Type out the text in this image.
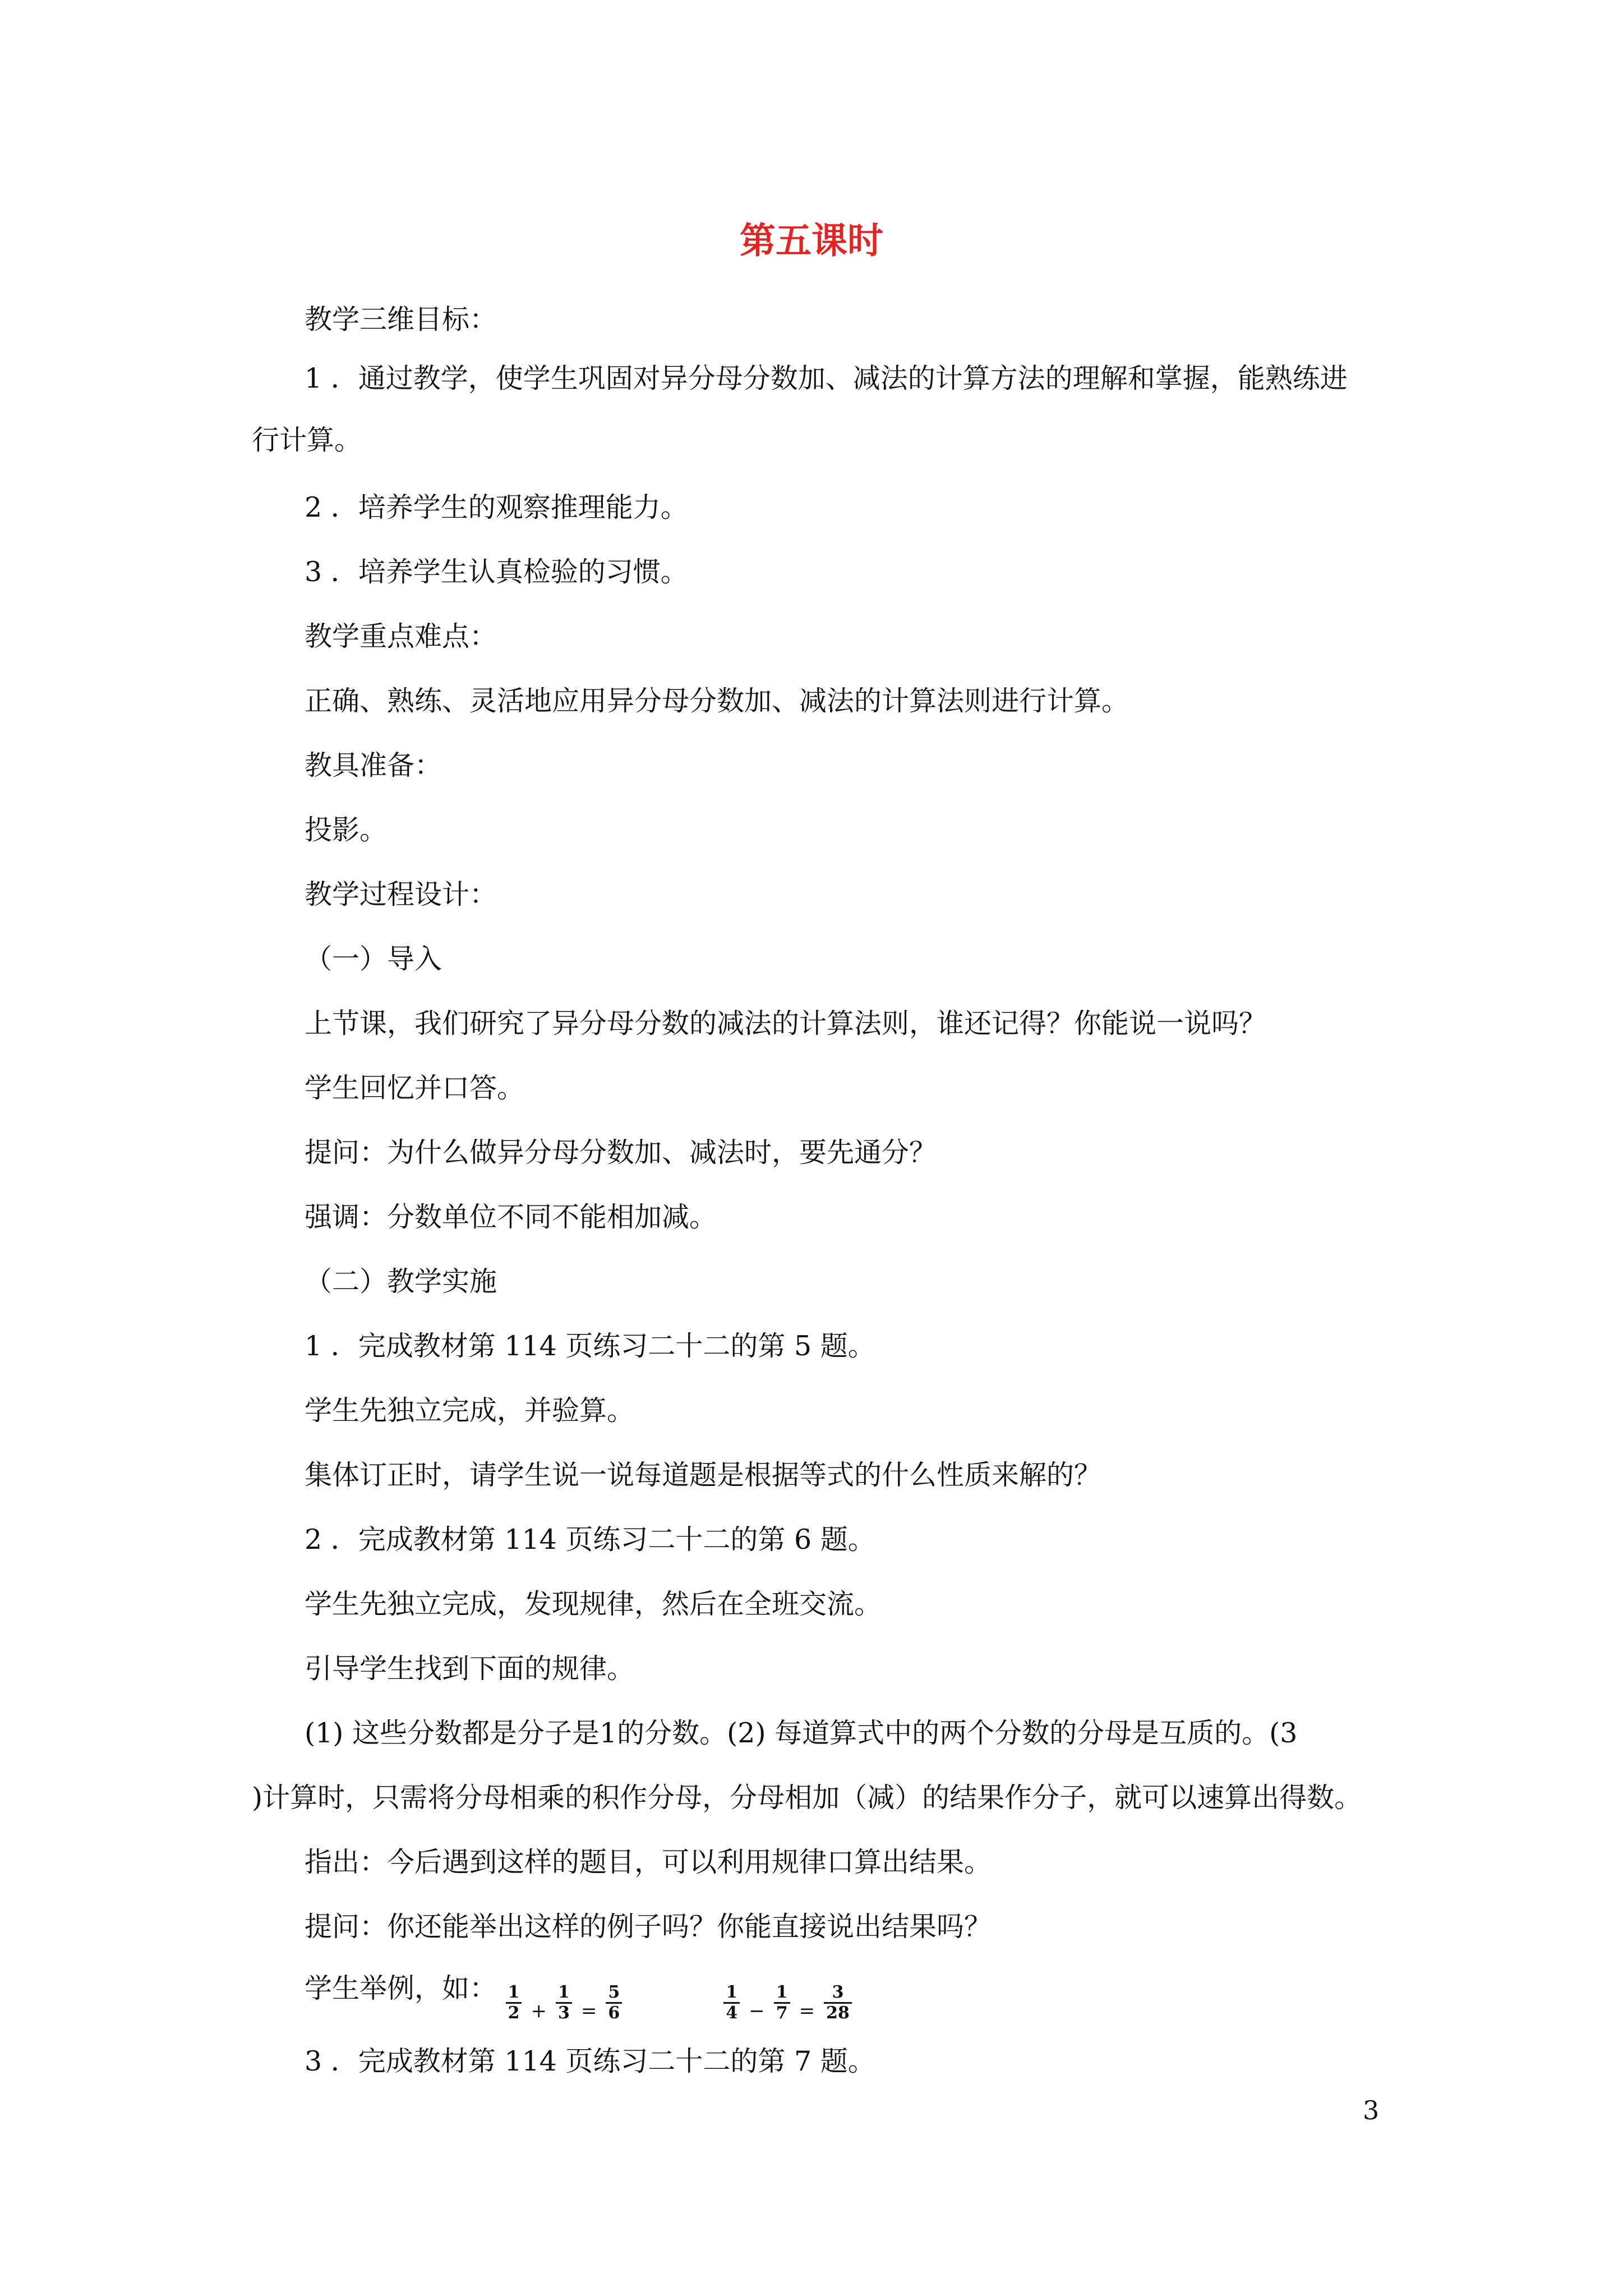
第五课时
教学三维目标：
1 ．通过教学，使学生巩固对异分母分数加、减法的计算方法的理解和掌握，能熟练进
行计算。
2 ．培养学生的观察推理能力。
3 ．培养学生认真检验的习惯。
教学重点难点：
正确、熟练、灵活地应用异分母分数加、减法的计算法则进行计算。
教具准备：
投影。
教学过程设计：
（一）导入
上节课，我们研究了异分母分数的减法的计算法则，谁还记得？你能说一说吗？
学生回忆并口答。
提问：为什么做异分母分数加、减法时，要先通分？
强调：分数单位不同不能相加减。
（二）教学实施
1 ．完成教材第 114 页练习二十二的第 5 题。
学生先独立完成，并验算。
集体订正时，请学生说一说每道题是根据等式的什么性质来解的？
2 ．完成教材第 114 页练习二十二的第 6 题。
学生先独立完成，发现规律，然后在全班交流。
引导学生找到下面的规律。
(1) 这些分数都是分子是1的分数。(2) 每道算式中的两个分数的分母是互质的。(3
)计算时，只需将分母相乘的积作分母，分母相加（减）的结果作分子，就可以速算出得数。
指出：今后遇到这样的题目，可以利用规律口算出结果。
提问：你还能举出这样的例子吗？你能直接说出结果吗？
学生举例，如： $\frac{1}{2} + \frac{1}{3} = \frac{5}{6}$
	$\frac{1}{4} - \frac{1}{7} = \frac{3}{28}$
3 ．完成教材第 114 页练习二十二的第 7 题。
3
